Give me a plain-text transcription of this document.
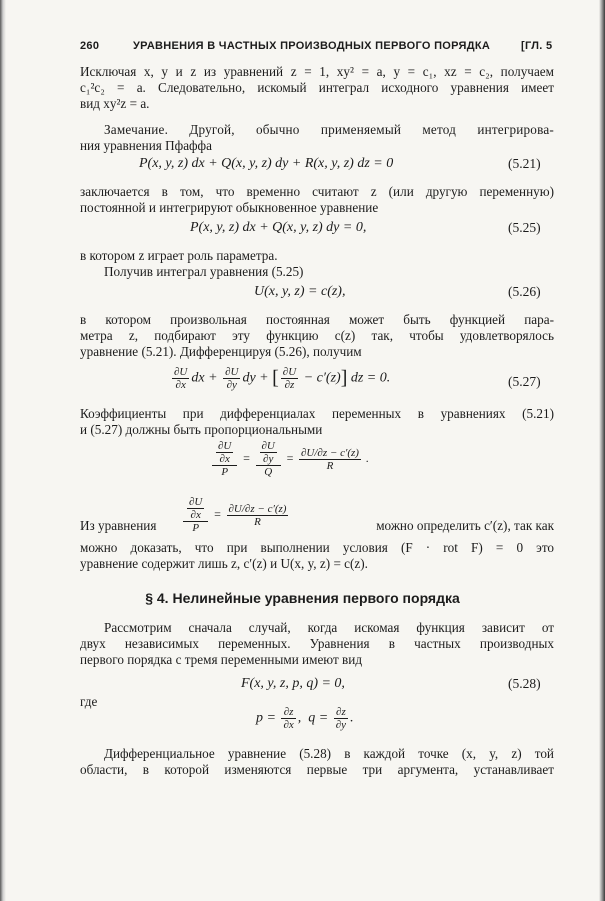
260	УРАВНЕНИЯ В ЧАСТНЫХ ПРОИЗВОДНЫХ ПЕРВОГО ПОРЯДКА	[ГЛ. 5
Исключая x, y и z из уравнений z = 1, xy² = a, y = c₁, xz = c₂, получаем
c₁²c₂ = a. Следовательно, искомый интеграл исходного уравнения имеет
вид xy²z = a.
Замечание. Другой, обычно применяемый метод интегрирова-
ния уравнения Пфаффа
P(x, y, z) dx + Q(x, y, z) dy + R(x, y, z) dz = 0	(5.21)
заключается в том, что временно считают z (или другую переменную)
постоянной и интегрируют обыкновенное уравнение
P(x, y, z) dx + Q(x, y, z) dy = 0,	(5.25)
в котором z играет роль параметра.
Получив интеграл уравнения (5.25)
U(x, y, z) = c(z),	(5.26)
в котором произвольная постоянная может быть функцией пара-
метра z, подбирают эту функцию c(z) так, чтобы удовлетворялось
уравнение (5.21). Дифференцируя (5.26), получим
$\frac{\partial U}{\partial x}$ dx + $\frac{\partial U}{\partial y}$ dy + [ $\frac{\partial U}{\partial z} - c'(z)$] dz = 0.	(5.27)
Коэффициенты при дифференциалах переменных в уравнениях (5.21)
и (5.27) должны быть пропорциональными
$\frac{\frac{\partial U}{\partial x}}{P} = \frac{\frac{\partial U}{\partial y}}{Q} = \frac{\partial U/\partial z - c'(z)}{R}$ .
$\frac{\frac{\partial U}{\partial x}}{P} = \frac{\partial U/\partial z - c'(z)}{R}$
Из уравнения	можно определить c′(z), так как
можно доказать, что при выполнении условия (F · rot F) = 0 это
уравнение содержит лишь z, c′(z) и U(x, y, z) = c(z).
§ 4. Нелинейные уравнения первого порядка
Рассмотрим сначала случай, когда искомая функция зависит от
двух независимых переменных. Уравнения в частных производных
первого порядка с тремя переменными имеют вид
F(x, y, z, p, q) = 0,	(5.28)
где
$p = \frac{\partial z}{\partial x}$ ,  $q = \frac{\partial z}{\partial y}$ .
Дифференциальное уравнение (5.28) в каждой точке (x, y, z) той
области, в которой изменяются первые три аргумента, устанавливает
